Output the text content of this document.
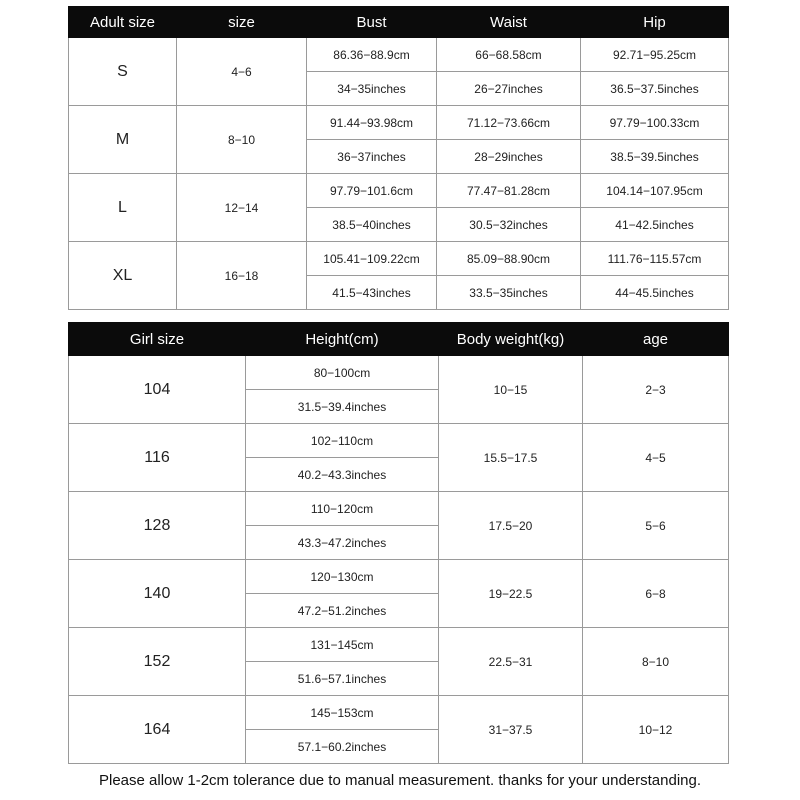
Adult size	size	Bust	Waist	Hip
S	4−6	86.36−88.9cm	66−68.58cm	92.71−95.25cm
		34−35inches	26−27inches	36.5−37.5inches
M	8−10	91.44−93.98cm	71.12−73.66cm	97.79−100.33cm
		36−37inches	28−29inches	38.5−39.5inches
L	12−14	97.79−101.6cm	77.47−81.28cm	104.14−107.95cm
		38.5−40inches	30.5−32inches	41−42.5inches
XL	16−18	105.41−109.22cm	85.09−88.90cm	111.76−115.57cm
		41.5−43inches	33.5−35inches	44−45.5inches
Girl size	Height(cm)	Body weight(kg)	age
104	80−100cm	10−15	2−3
	31.5−39.4inches		
116	102−110cm	15.5−17.5	4−5
	40.2−43.3inches		
128	110−120cm	17.5−20	5−6
	43.3−47.2inches		
140	120−130cm	19−22.5	6−8
	47.2−51.2inches		
152	131−145cm	22.5−31	8−10
	51.6−57.1inches		
164	145−153cm	31−37.5	10−12
	57.1−60.2inches		
Please allow 1-2cm tolerance due to manual measurement. thanks for your understanding.
